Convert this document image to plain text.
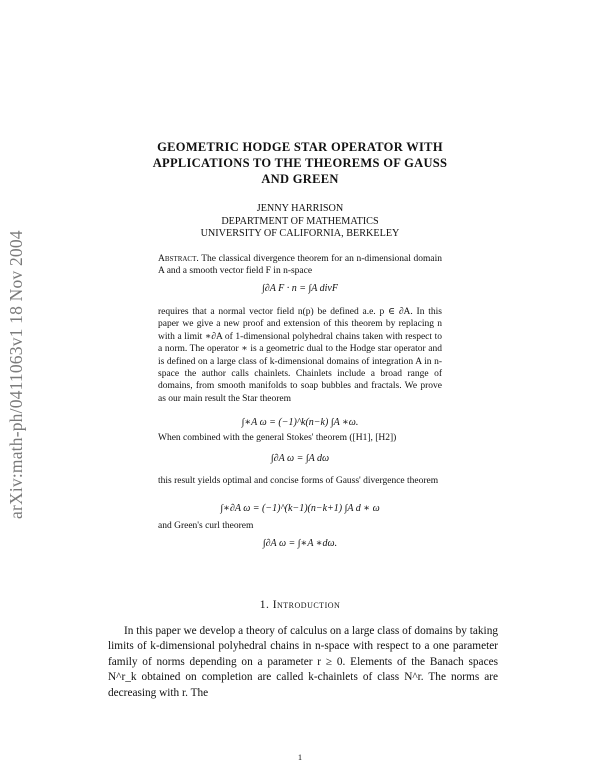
arXiv:math-ph/0411063v1 18 Nov 2004
GEOMETRIC HODGE STAR OPERATOR WITH
APPLICATIONS TO THE THEOREMS OF GAUSS
AND GREEN
JENNY HARRISON
DEPARTMENT OF MATHEMATICS
UNIVERSITY OF CALIFORNIA, BERKELEY

Abstract. The classical divergence theorem for an n-dimensional domain A and a smooth vector field F in n-space

∫∂A F · n = ∫A divF

requires that a normal vector field n(p) be defined a.e. p ∈ ∂A. In this paper we give a new proof and extension of this theorem by replacing n with a limit ∗∂A of 1-dimensional polyhedral chains taken with respect to a norm. The operator ∗ is a geometric dual to the Hodge star operator and is defined on a large class of k-dimensional domains of integration A in n-space the author calls chainlets. Chainlets include a broad range of domains, from smooth manifolds to soap bubbles and fractals. We prove as our main result the Star theorem

∫∗A ω = (−1)^k(n−k) ∫A ∗ω.
When combined with the general Stokes' theorem ([H1], [H2])
∫∂A ω = ∫A dω
this result yields optimal and concise forms of Gauss' divergence theorem
∫∗∂A ω = (−1)^(k−1)(n−k+1) ∫A d ∗ ω
and Green's curl theorem
∫∂A ω = ∫∗A ∗dω.
1. Introduction

In this paper we develop a theory of calculus on a large class of domains by taking limits of k-dimensional polyhedral chains in n-space with respect to a one parameter family of norms depending on a parameter r ≥ 0. Elements of the Banach spaces N^r_k obtained on completion are called k-chainlets of class N^r. The norms are decreasing with r. The

1
